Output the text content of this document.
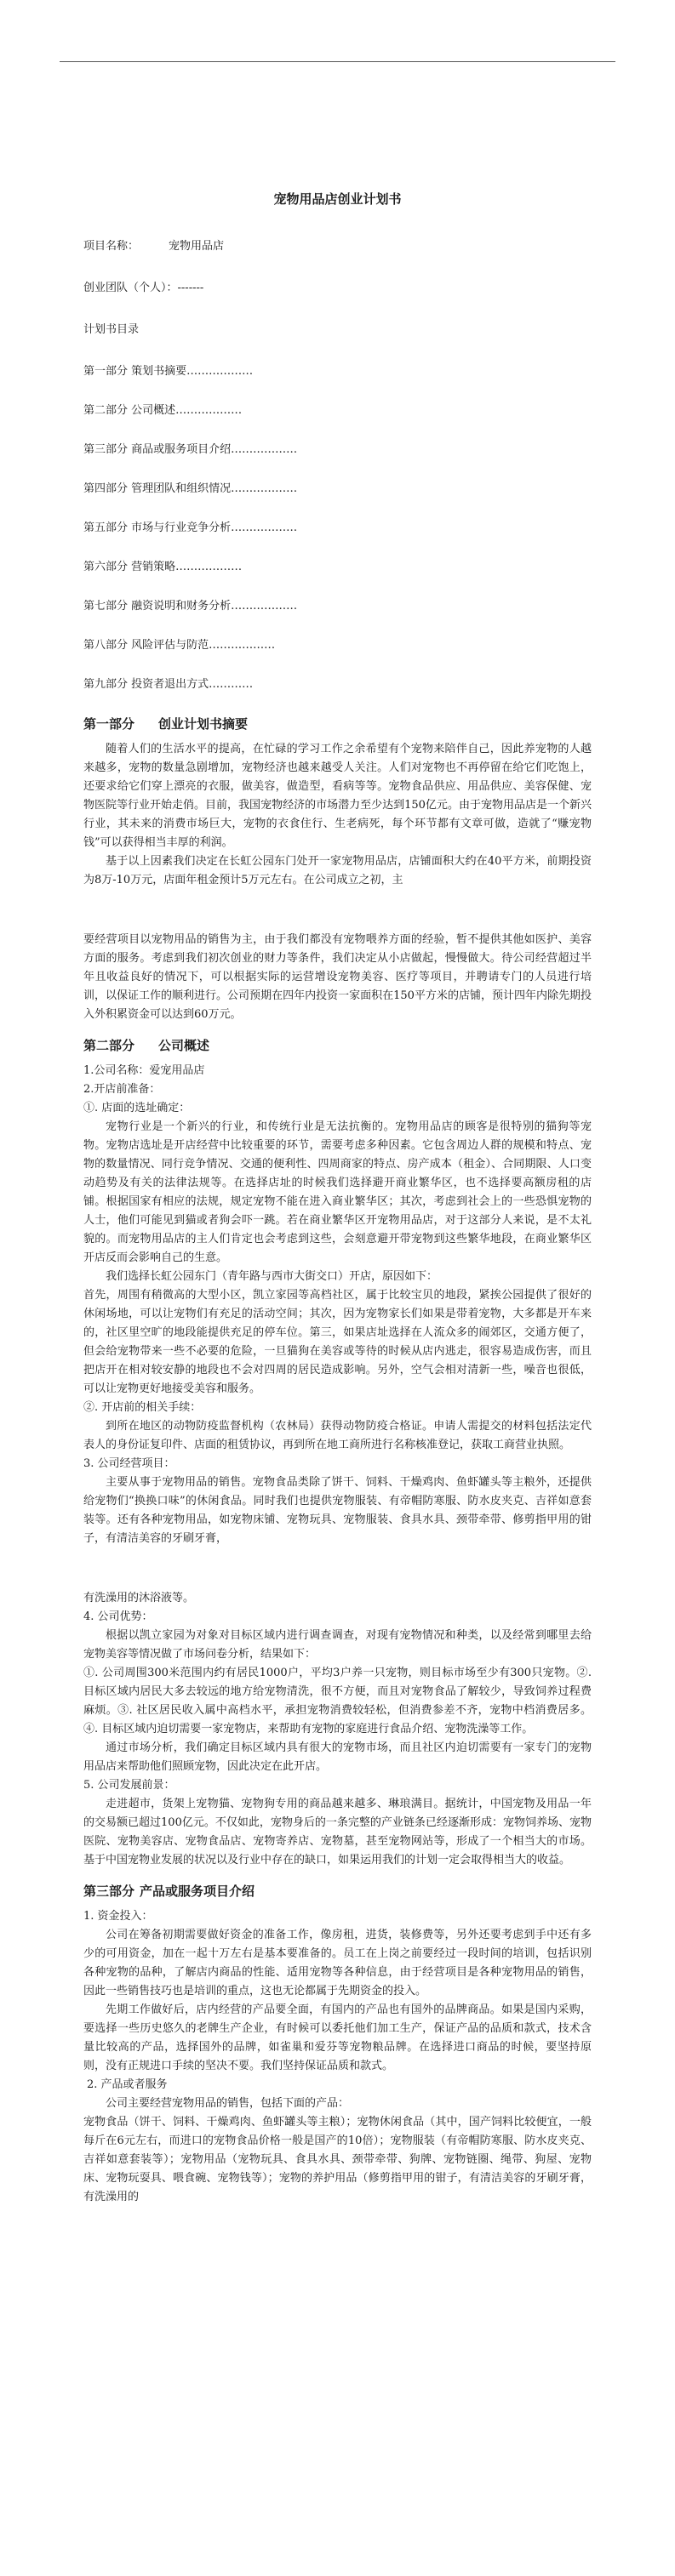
宠物用品店创业计划书
项目名称：	宠物用品店
创业团队（个人）：-------
计划书目录
第一部分 策划书摘要………………
第二部分 公司概述………………
第三部分 商品或服务项目介绍………………
第四部分 管理团队和组织情况………………
第五部分 市场与行业竞争分析………………
第六部分 营销策略………………
第七部分 融资说明和财务分析………………
第八部分 风险评估与防范………………
第九部分 投资者退出方式…………
第一部分 创业计划书摘要

随着人们的生活水平的提高，在忙碌的学习工作之余希望有个宠物来陪伴自己，因此养宠物的人越来越多，宠物的数量急剧增加，宠物经济也越来越受人关注。人们对宠物也不再停留在给它们吃饱上，还要求给它们穿上漂亮的衣服，做美容，做造型，看病等等。宠物食品供应、用品供应、美容保健、宠物医院等行业开始走俏。目前，我国宠物经济的市场潜力至少达到150亿元。由于宠物用品店是一个新兴行业，其未来的消费市场巨大，宠物的衣食住行、生老病死，每个环节都有文章可做，造就了“赚宠物钱”可以获得相当丰厚的利润。

基于以上因素我们决定在长虹公园东门处开一家宠物用品店，店铺面积大约在40平方米，前期投资为8万-10万元，店面年租金预计5万元左右。在公司成立之初，主

要经营项目以宠物用品的销售为主，由于我们都没有宠物喂养方面的经验，暂不提供其他如医护、美容方面的服务。考虑到我们初次创业的财力等条件，我们决定从小店做起，慢慢做大。待公司经营超过半年且收益良好的情况下，可以根据实际的运营增设宠物美容、医疗等项目，并聘请专门的人员进行培训，以保证工作的顺利进行。公司预期在四年内投资一家面积在150平方米的店铺，预计四年内除先期投入外积累资金可以达到60万元。

第二部分 公司概述

1.公司名称：爱宠用品店

2.开店前准备：

①. 店面的选址确定：

宠物行业是一个新兴的行业，和传统行业是无法抗衡的。宠物用品店的顾客是很特别的猫狗等宠物。宠物店选址是开店经营中比较重要的环节，需要考虑多种因素。它包含周边人群的规模和特点、宠物的数量情况、同行竞争情况、交通的便利性、四周商家的特点、房产成本（租金）、合同期限、人口变动趋势及有关的法律法规等。在选择店址的时候我们选择避开商业繁华区，也不选择要高额房租的店铺。根据国家有相应的法规，规定宠物不能在进入商业繁华区；其次，考虑到社会上的一些恐惧宠物的人士，他们可能见到猫或者狗会吓一跳。若在商业繁华区开宠物用品店，对于这部分人来说，是不太礼貌的。而宠物用品店的主人们肯定也会考虑到这些，会刻意避开带宠物到这些繁华地段，在商业繁华区开店反而会影响自己的生意。

我们选择长虹公园东门（青年路与西市大街交口）开店，原因如下：

首先，周围有稍微高的大型小区，凯立家园等高档社区，属于比较宝贝的地段，紧挨公园提供了很好的休闲场地，可以让宠物们有充足的活动空间；其次，因为宠物家长们如果是带着宠物，大多都是开车来的，社区里空旷的地段能提供充足的停车位。第三，如果店址选择在人流众多的闹郊区，交通方便了，但会给宠物带来一些不必要的危险，一旦猫狗在美容或等待的时候从店内逃走，很容易造成伤害，而且把店开在相对较安静的地段也不会对四周的居民造成影响。另外，空气会相对清新一些，噪音也很低，可以让宠物更好地接受美容和服务。

②. 开店前的相关手续：

到所在地区的动物防疫监督机构（农林局）获得动物防疫合格证。申请人需提交的材料包括法定代表人的身份证复印件、店面的租赁协议，再到所在地工商所进行名称核准登记，获取工商营业执照。

3. 公司经营项目：

主要从事于宠物用品的销售。宠物食品类除了饼干、饲料、干燥鸡肉、鱼虾罐头等主粮外，还提供给宠物们“换换口味”的休闲食品。同时我们也提供宠物服装、有帝帽防寒服、防水皮夹克、吉祥如意套装等。还有各种宠物用品，如宠物床铺、宠物玩具、宠物服装、食具水具、颈带牵带、修剪指甲用的钳子，有清洁美容的牙刷牙膏，

有洗澡用的沐浴液等。

4. 公司优势：

根据以凯立家园为对象对目标区域内进行调查调查，对现有宠物情况和种类，以及经常到哪里去给宠物美容等情况做了市场问卷分析，结果如下：

①. 公司周围300米范围内约有居民1000户，平均3户养一只宠物，则目标市场至少有300只宠物。②. 目标区域内居民大多去较远的地方给宠物清洗，很不方便，而且对宠物食品了解较少，导致饲养过程费麻烦。③. 社区居民收入属中高档水平，承担宠物消费较轻松，但消费参差不齐，宠物中档消费居多。④. 目标区域内迫切需要一家宠物店，来帮助有宠物的家庭进行食品介绍、宠物洗澡等工作。

通过市场分析，我们确定目标区域内具有很大的宠物市场，而且社区内迫切需要有一家专门的宠物用品店来帮助他们照顾宠物，因此决定在此开店。

5. 公司发展前景：

走进超市，货架上宠物猫、宠物狗专用的商品越来越多、琳琅满目。据统计，中国宠物及用品一年的交易额已超过100亿元。不仅如此，宠物身后的一条完整的产业链条已经逐渐形成：宠物饲养场、宠物医院、宠物美容店、宠物食品店、宠物寄养店、宠物墓，甚至宠物网站等，形成了一个相当大的市场。基于中国宠物业发展的状况以及行业中存在的缺口，如果运用我们的计划一定会取得相当大的收益。

第三部分 产品或服务项目介绍

1. 资金投入：

公司在筹备初期需要做好资金的准备工作，像房租，进货，装修费等，另外还要考虑到手中还有多少的可用资金，加在一起十万左右是基本要准备的。员工在上岗之前要经过一段时间的培训，包括识别各种宠物的品种，了解店内商品的性能、适用宠物等各种信息，由于经营项目是各种宠物用品的销售，因此一些销售技巧也是培训的重点，这也无论都属于先期资金的投入。

先期工作做好后，店内经营的产品要全面，有国内的产品也有国外的品牌商品。如果是国内采购，要选择一些历史悠久的老牌生产企业，有时候可以委托他们加工生产，保证产品的品质和款式，技术含量比较高的产品，选择国外的品牌，如雀巢和爱芬等宠物粮品牌。在选择进口商品的时候，要坚持原则，没有正规进口手续的坚决不要。我们坚持保证品质和款式。

2. 产品或者服务

公司主要经营宠物用品的销售，包括下面的产品：

宠物食品（饼干、饲料、干燥鸡肉、鱼虾罐头等主粮）；宠物休闲食品（其中，国产饲料比较便宜，一般每斤在6元左右，而进口的宠物食品价格一般是国产的10倍）；宠物服装（有帝帽防寒服、防水皮夹克、吉祥如意套装等）；宠物用品（宠物玩具、食具水具、颈带牵带、狗牌、宠物链圈、绳带、狗屋、宠物床、宠物玩耍具、喂食碗、宠物钱等）；宠物的养护用品（修剪指甲用的钳子，有清洁美容的牙刷牙膏，有洗澡用的
